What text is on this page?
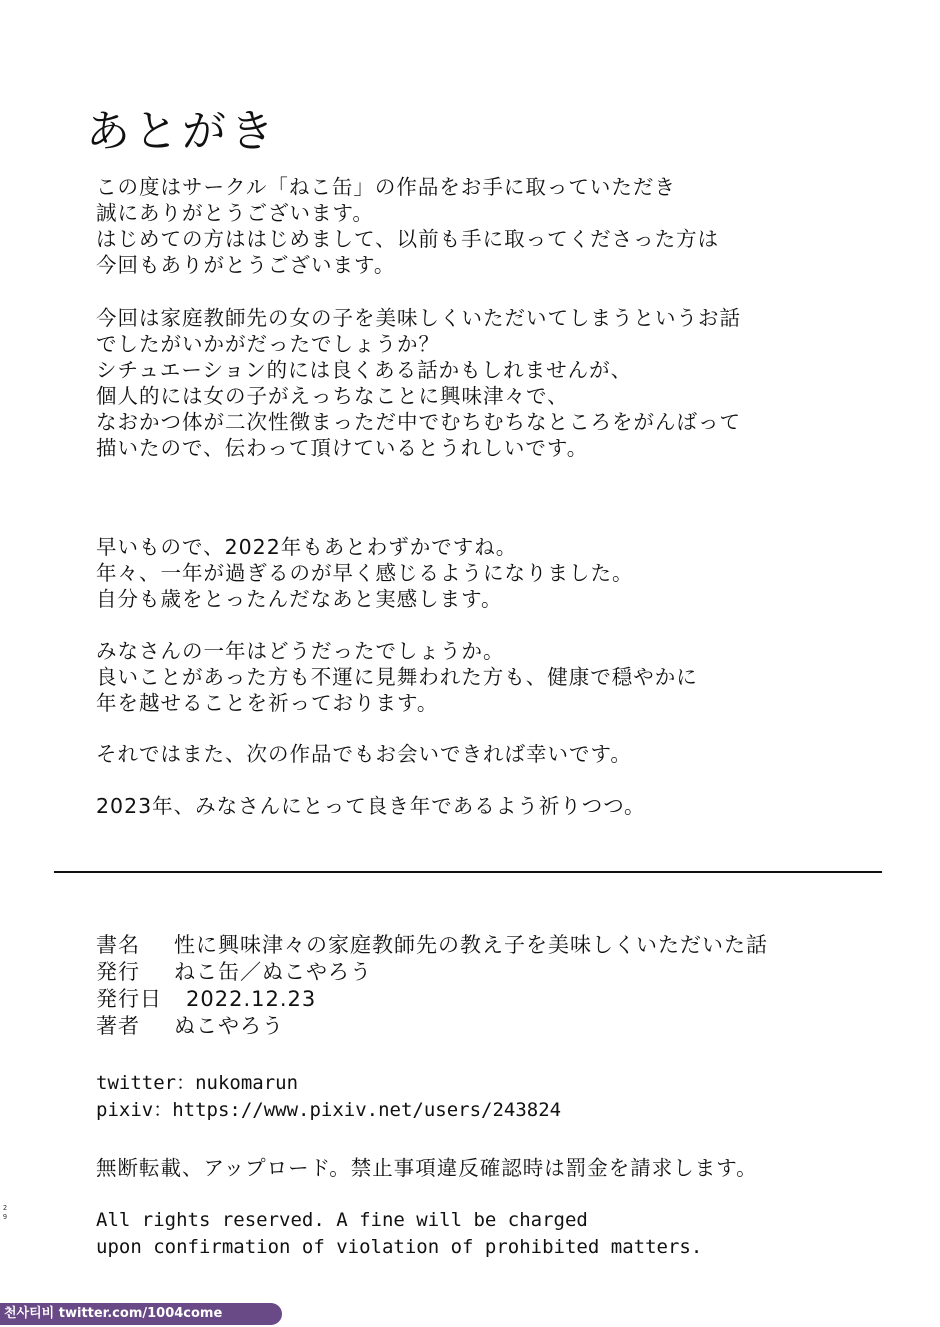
あとがき
この度はサークル「ねこ缶」の作品をお手に取っていただき
誠にありがとうございます。
はじめての方ははじめまして、以前も手に取ってくださった方は
今回もありがとうございます。
今回は家庭教師先の女の子を美味しくいただいてしまうというお話
でしたがいかがだったでしょうか？
シチュエーション的には良くある話かもしれませんが、
個人的には女の子がえっちなことに興味津々で、
なおかつ体が二次性徴まっただ中でむちむちなところをがんばって
描いたので、伝わって頂けているとうれしいです。
早いもので、2022年もあとわずかですね。
年々、一年が過ぎるのが早く感じるようになりました。
自分も歳をとったんだなあと実感します。
みなさんの一年はどうだったでしょうか。
良いことがあった方も不運に見舞われた方も、健康で穏やかに
年を越せることを祈っております。
それではまた、次の作品でもお会いできれば幸いです。
2023年、みなさんにとって良き年であるよう祈りつつ。
書名 性に興味津々の家庭教師先の教え子を美味しくいただいた話
発行 ねこ缶／ぬこやろう
発行日 2022.12.23
著者 ぬこやろう
twitter：nukomarun
pixiv：https://www.pixiv.net/users/243824
無断転載、アップロード。禁止事項違反確認時は罰金を請求します。
All rights reserved. A fine will be charged
upon confirmation of violation of prohibited matters.
2
9
천사티비 twitter.com/1004come
